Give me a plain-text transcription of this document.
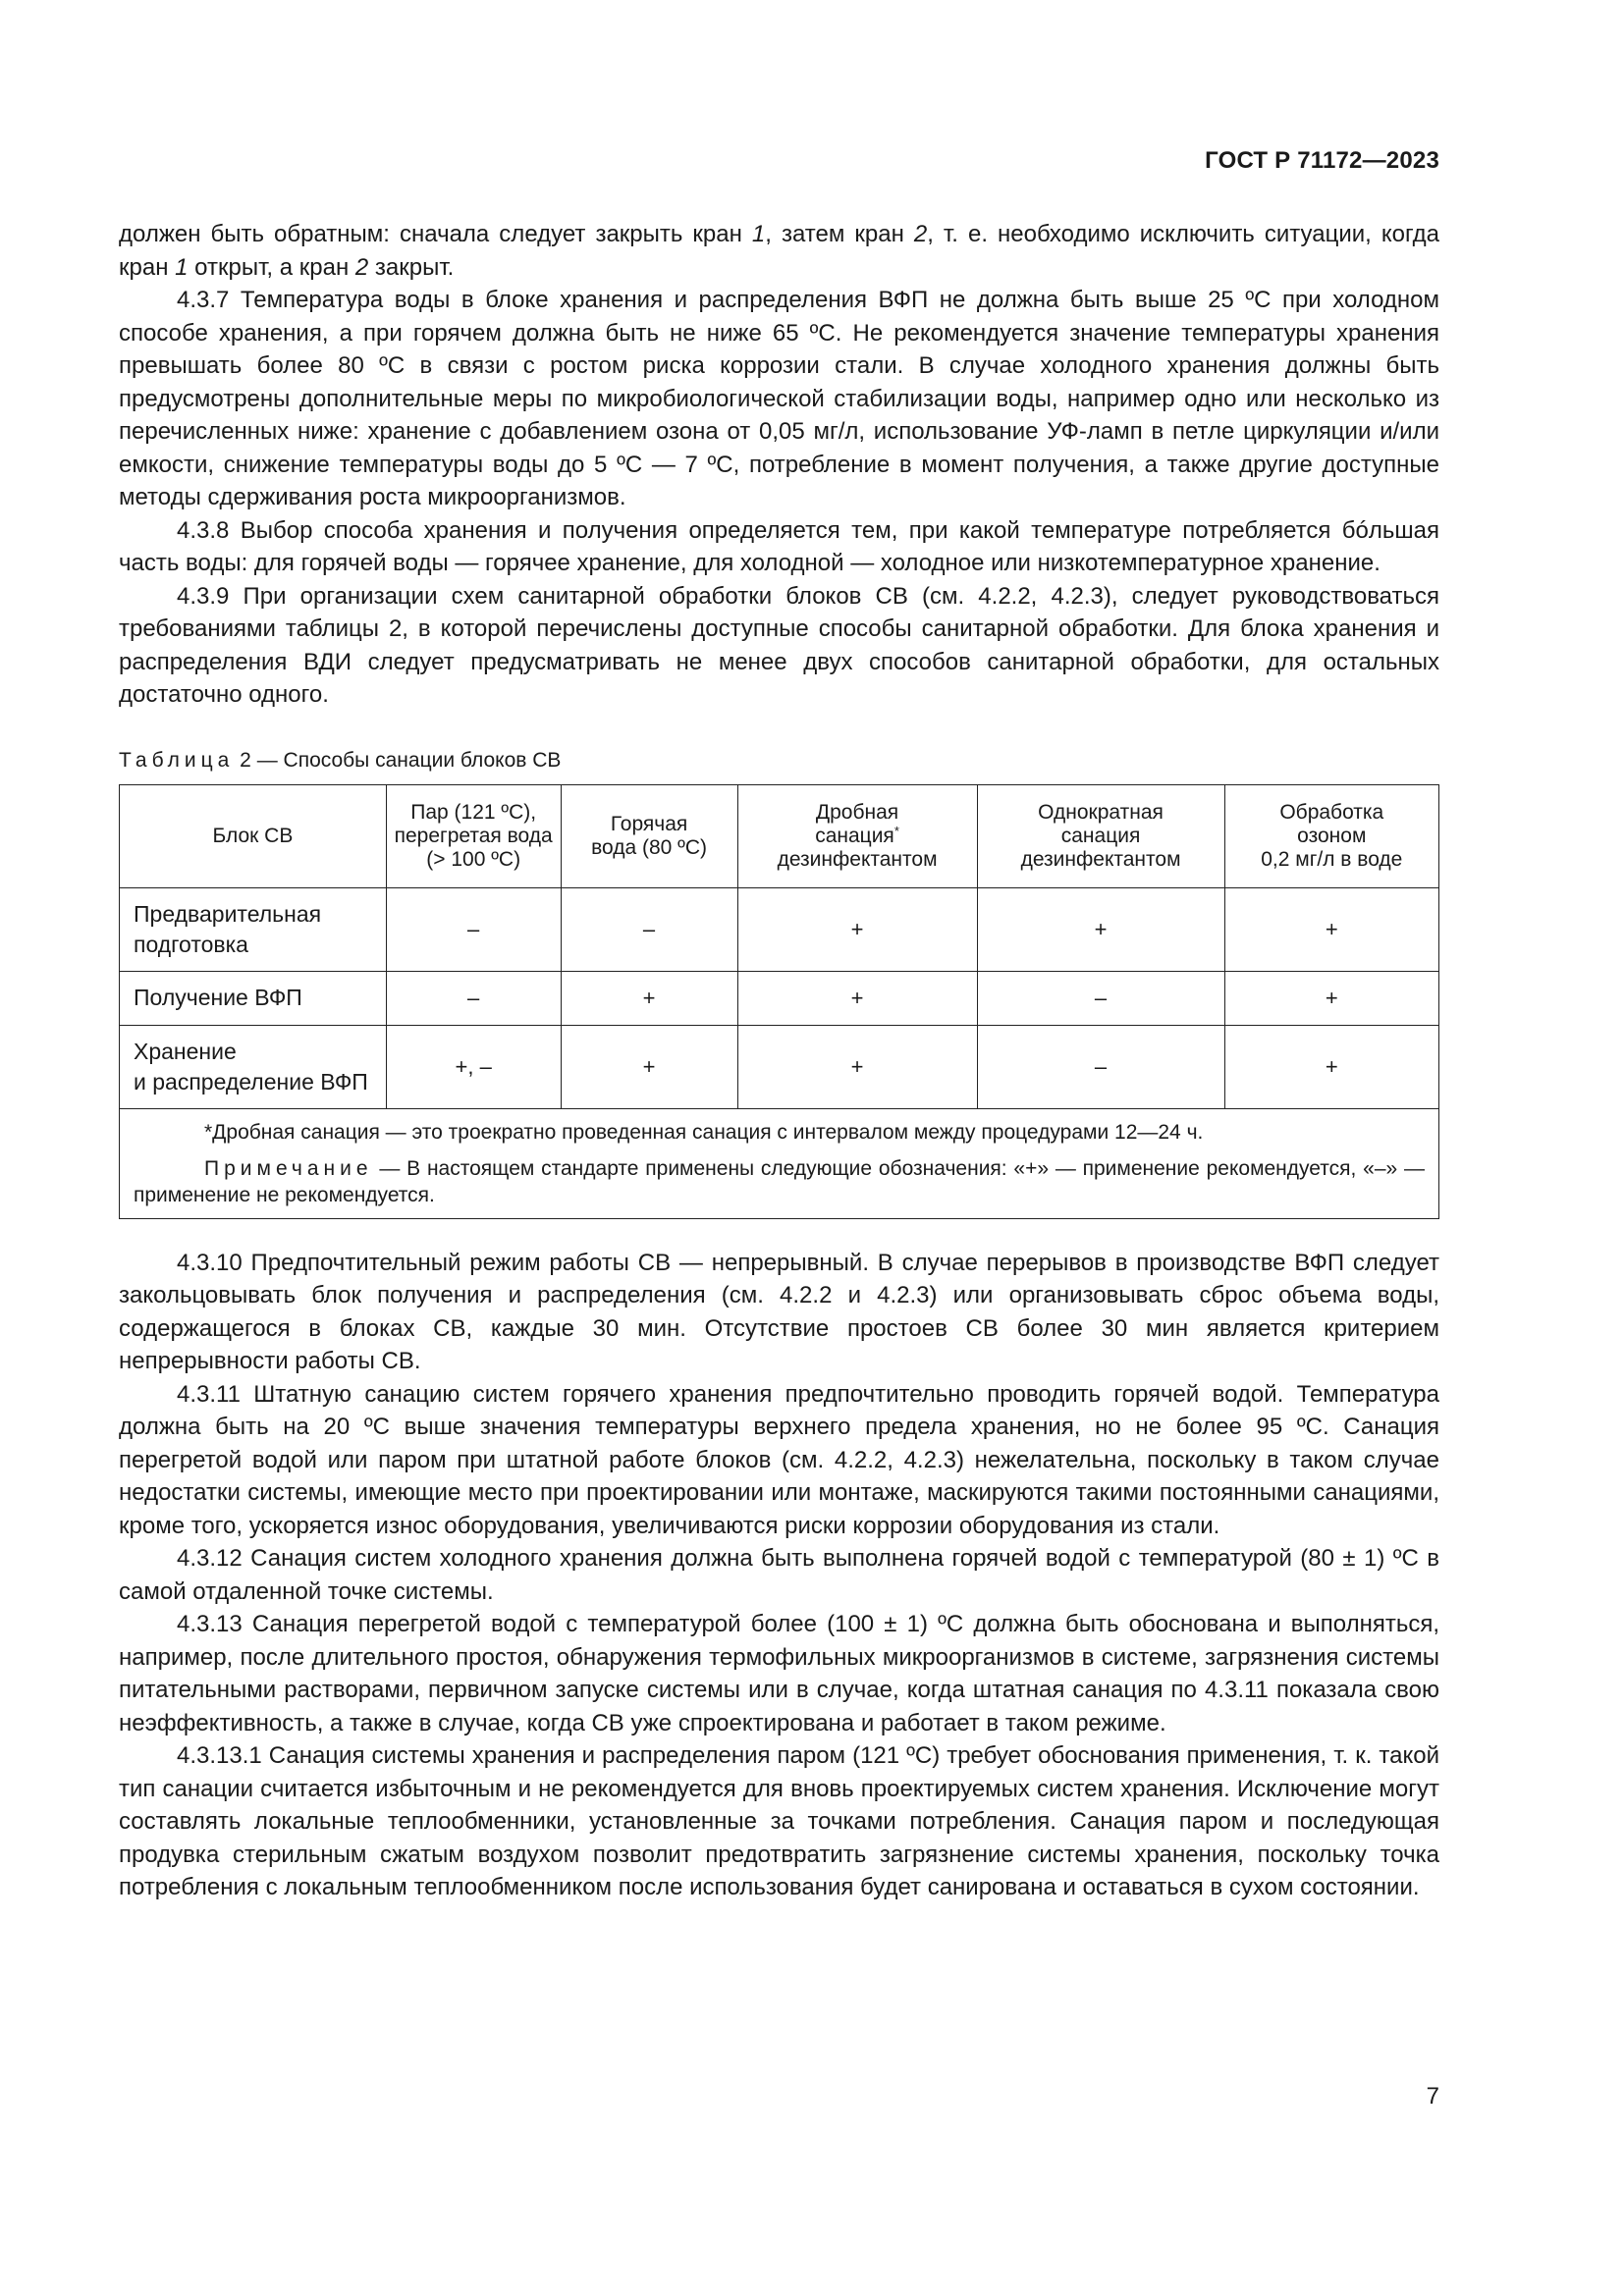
ГОСТ Р 71172—2023

должен быть обратным: сначала следует закрыть кран 1, затем кран 2, т. е. необходимо исключить ситуации, когда кран 1 открыт, а кран 2 закрыт.

4.3.7 Температура воды в блоке хранения и распределения ВФП не должна быть выше 25 ºС при холодном способе хранения, а при горячем должна быть не ниже 65 ºС. Не рекомендуется значение температуры хранения превышать более 80 ºС в связи с ростом риска коррозии стали. В случае холодного хранения должны быть предусмотрены дополнительные меры по микробиологической стабилизации воды, например одно или несколько из перечисленных ниже: хранение с добавлением озона от 0,05 мг/л, использование УФ-ламп в петле циркуляции и/или емкости, снижение температуры воды до 5 ºС — 7 ºС, потребление в момент получения, а также другие доступные методы сдерживания роста микроорганизмов.

4.3.8 Выбор способа хранения и получения определяется тем, при какой температуре потребляется бóльшая часть воды: для горячей воды — горячее хранение, для холодной — холодное или низкотемпературное хранение.

4.3.9 При организации схем санитарной обработки блоков СВ (см. 4.2.2, 4.2.3), следует руководствоваться требованиями таблицы 2, в которой перечислены доступные способы санитарной обработки. Для блока хранения и распределения ВДИ следует предусматривать не менее двух способов санитарной обработки, для остальных достаточно одного.

Таблица 2 — Способы санации блоков СВ
Блок СВ	Пар (121 ºС),
перегретая вода
(> 100 ºС)	Горячая
вода (80 ºС)	Дробная
санация*
дезинфектантом	Однократная
санация
дезинфектантом	Обработка
озоном
0,2 мг/л в воде
Предварительная
подготовка	–	–	+	+	+
Получение ВФП	–	+	+	–	+
Хранение
и распределение ВФП	+, –	+	+	–	+

*Дробная санация — это троекратно проведенная санация с интервалом между процедурами 12—24 ч.
Примечание — В настоящем стандарте применены следующие обозначения: «+» — применение рекомендуется, «–» — применение не рекомендуется.					

4.3.10 Предпочтительный режим работы СВ — непрерывный. В случае перерывов в производстве ВФП следует закольцовывать блок получения и распределения (см. 4.2.2 и 4.2.3) или организовывать сброс объема воды, содержащегося в блоках СВ, каждые 30 мин. Отсутствие простоев СВ более 30 мин является критерием непрерывности работы СВ.

4.3.11 Штатную санацию систем горячего хранения предпочтительно проводить горячей водой. Температура должна быть на 20 ºС выше значения температуры верхнего предела хранения, но не более 95 ºС. Санация перегретой водой или паром при штатной работе блоков (см. 4.2.2, 4.2.3) нежелательна, поскольку в таком случае недостатки системы, имеющие место при проектировании или монтаже, маскируются такими постоянными санациями, кроме того, ускоряется износ оборудования, увеличиваются риски коррозии оборудования из стали.

4.3.12 Санация систем холодного хранения должна быть выполнена горячей водой с температурой (80 ± 1) ºС в самой отдаленной точке системы.

4.3.13 Санация перегретой водой с температурой более (100 ± 1) ºС должна быть обоснована и выполняться, например, после длительного простоя, обнаружения термофильных микроорганизмов в системе, загрязнения системы питательными растворами, первичном запуске системы или в случае, когда штатная санация по 4.3.11 показала свою неэффективность, а также в случае, когда СВ уже спроектирована и работает в таком режиме.

4.3.13.1 Санация системы хранения и распределения паром (121 ºС) требует обоснования применения, т. к. такой тип санации считается избыточным и не рекомендуется для вновь проектируемых систем хранения. Исключение могут составлять локальные теплообменники, установленные за точками потребления. Санация паром и последующая продувка стерильным сжатым воздухом позволит предотвратить загрязнение системы хранения, поскольку точка потребления с локальным теплообменником после использования будет санирована и оставаться в сухом состоянии.

7
